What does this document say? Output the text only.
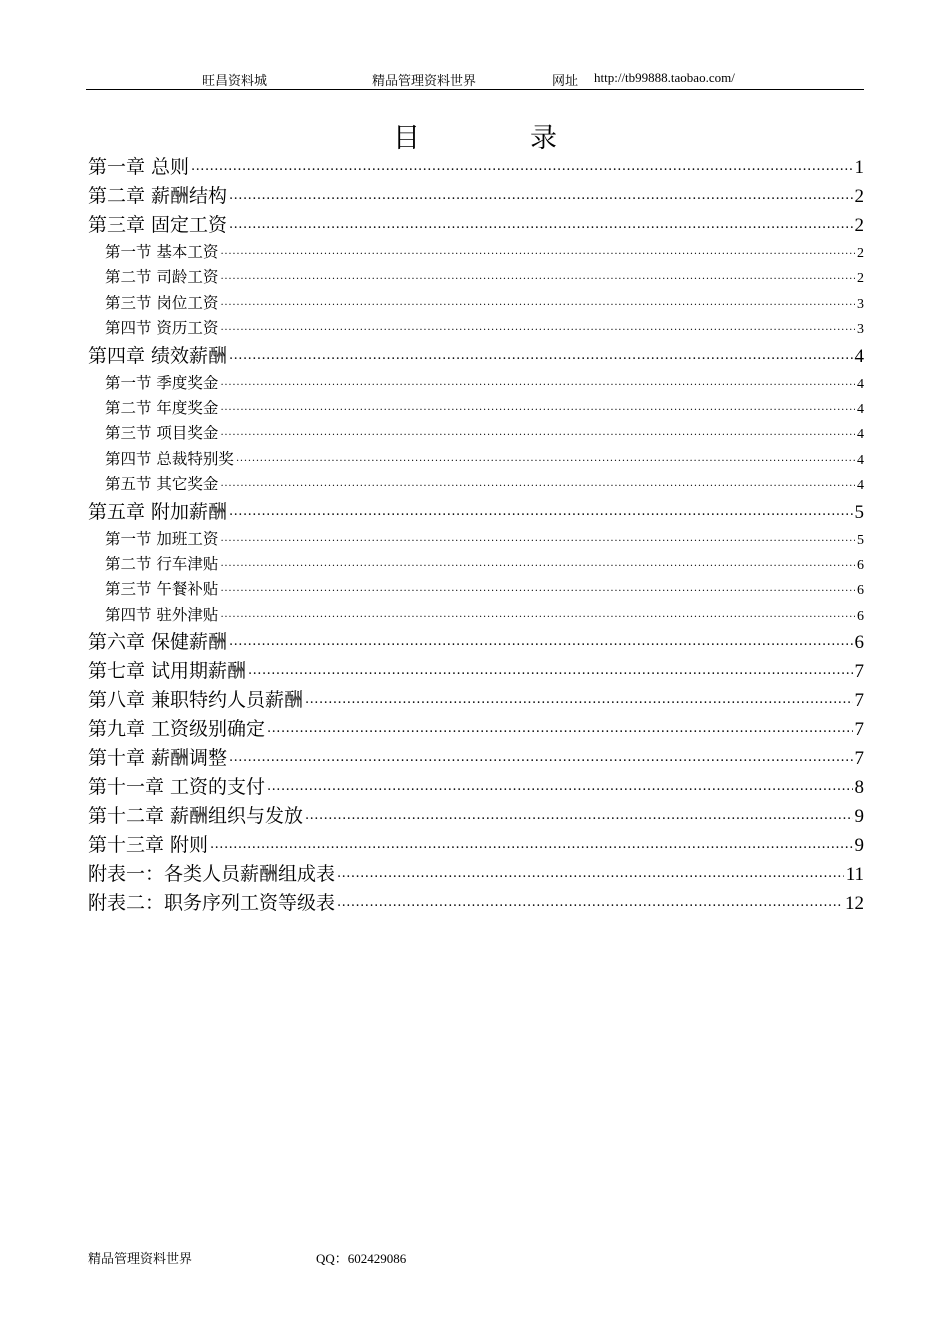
旺昌资料城	精品管理资料世界	网址 http://tb99888.taobao.com/
目	录
第一章 总则 .....	1
第二章 薪酬结构 .....	2
第三章 固定工资 .....	2
第一节 基本工资 .....	2
第二节 司龄工资 .....	2
第三节 岗位工资 .....	3
第四节 资历工资 .....	3
第四章 绩效薪酬 .....	4
第一节 季度奖金 .....	4
第二节 年度奖金 .....	4
第三节 项目奖金 .....	4
第四节 总裁特别奖 .....	4
第五节 其它奖金 .....	4
第五章 附加薪酬 .....	5
第一节 加班工资 .....	5
第二节 行车津贴 .....	6
第三节 午餐补贴 .....	6
第四节 驻外津贴 .....	6
第六章 保健薪酬 .....	6
第七章 试用期薪酬 .....	7
第八章 兼职特约人员薪酬 .....	7
第九章 工资级别确定 .....	7
第十章 薪酬调整 .....	7
第十一章 工资的支付 .....	8
第十二章 薪酬组织与发放 .....	9
第十三章 附则 .....	9
附表一：各类人员薪酬组成表 .....	11
附表二：职务序列工资等级表 .....	12
精品管理资料世界	QQ：602429086
